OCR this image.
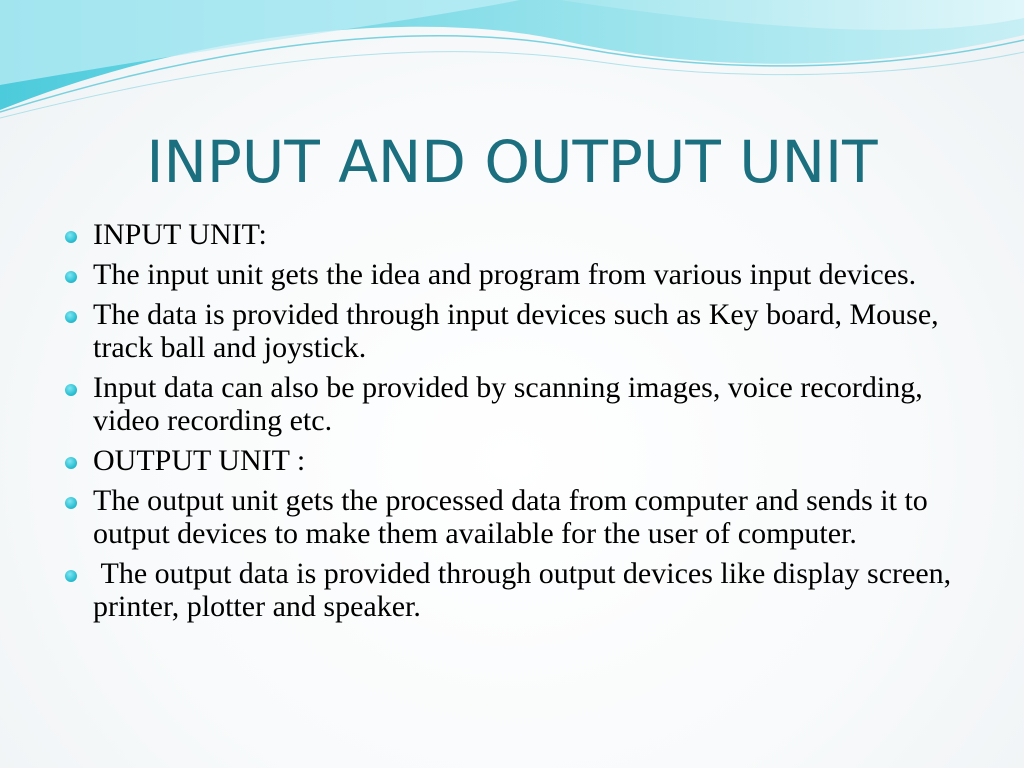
INPUT AND OUTPUT UNIT
INPUT UNIT:
The input unit gets the idea and program from various input devices.
The data is provided through input devices such as Key board, Mouse, track ball and joystick.
Input data can also be provided by scanning images, voice recording, video recording etc.
OUTPUT UNIT :
The output unit gets the processed data from computer and sends it to output devices to make them available for the user of computer.
The output data is provided through output devices like display screen, printer, plotter and speaker.
